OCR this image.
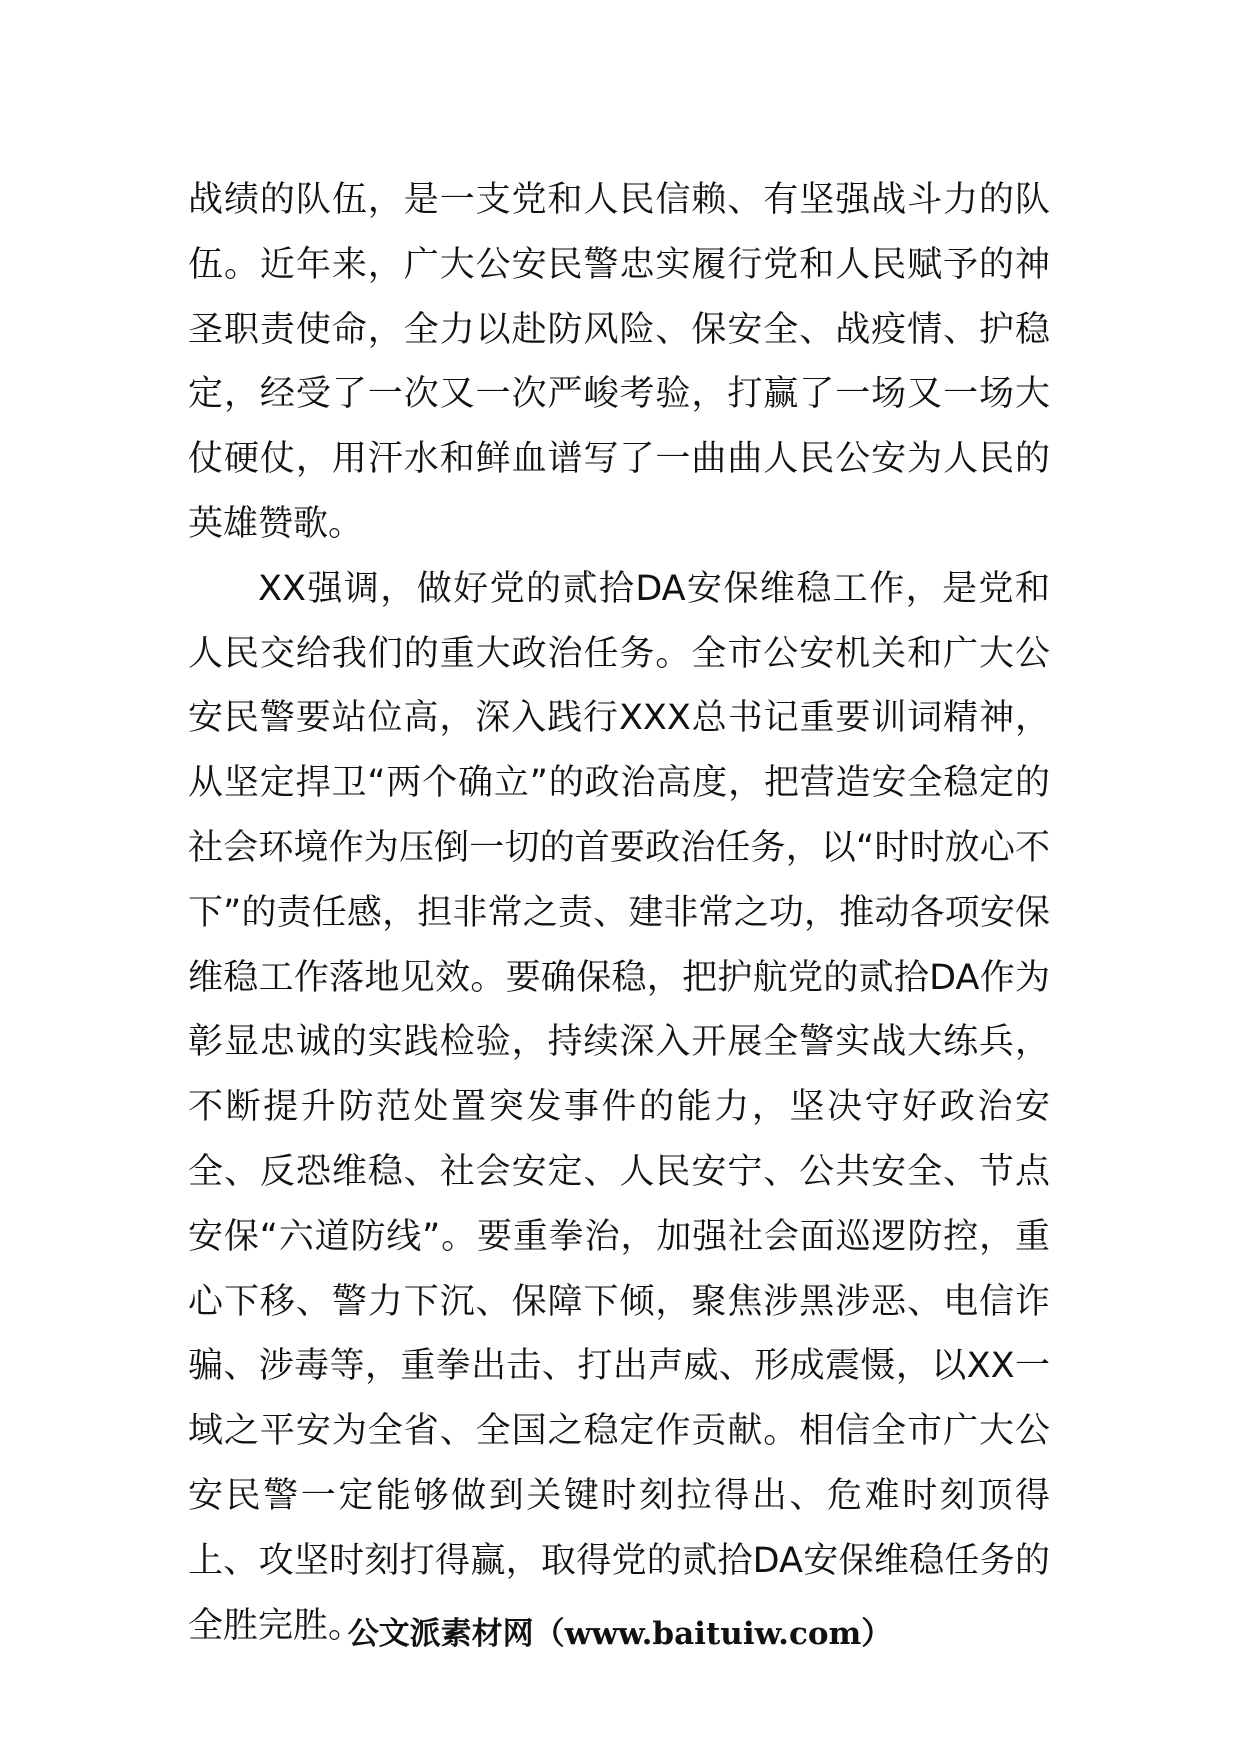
战绩的队伍，是一支党和人民信赖、有坚强战斗力的队伍。近年来，广大公安民警忠实履行党和人民赋予的神圣职责使命，全力以赴防风险、保安全、战疫情、护稳定，经受了一次又一次严峻考验，打赢了一场又一场大仗硬仗，用汗水和鲜血谱写了一曲曲人民公安为人民的英雄赞歌。

XX强调，做好党的贰拾DA安保维稳工作，是党和人民交给我们的重大政治任务。全市公安机关和广大公安民警要站位高，深入践行XXX总书记重要训词精神，从坚定捍卫“两个确立”的政治高度，把营造安全稳定的社会环境作为压倒一切的首要政治任务，以“时时放心不下”的责任感，担非常之责、建非常之功，推动各项安保维稳工作落地见效。要确保稳，把护航党的贰拾DA作为彰显忠诚的实践检验，持续深入开展全警实战大练兵，不断提升防范处置突发事件的能力，坚决守好政治安全、反恐维稳、社会安定、人民安宁、公共安全、节点安保“六道防线”。要重拳治，加强社会面巡逻防控，重心下移、警力下沉、保障下倾，聚焦涉黑涉恶、电信诈骗、涉毒等，重拳出击、打出声威、形成震慑，以XX一域之平安为全省、全国之稳定作贡献。相信全市广大公安民警一定能够做到关键时刻拉得出、危难时刻顶得上、攻坚时刻打得赢，取得党的贰拾DA安保维稳任务的全胜完胜。

公文派素材网（www.baituiw.com）
